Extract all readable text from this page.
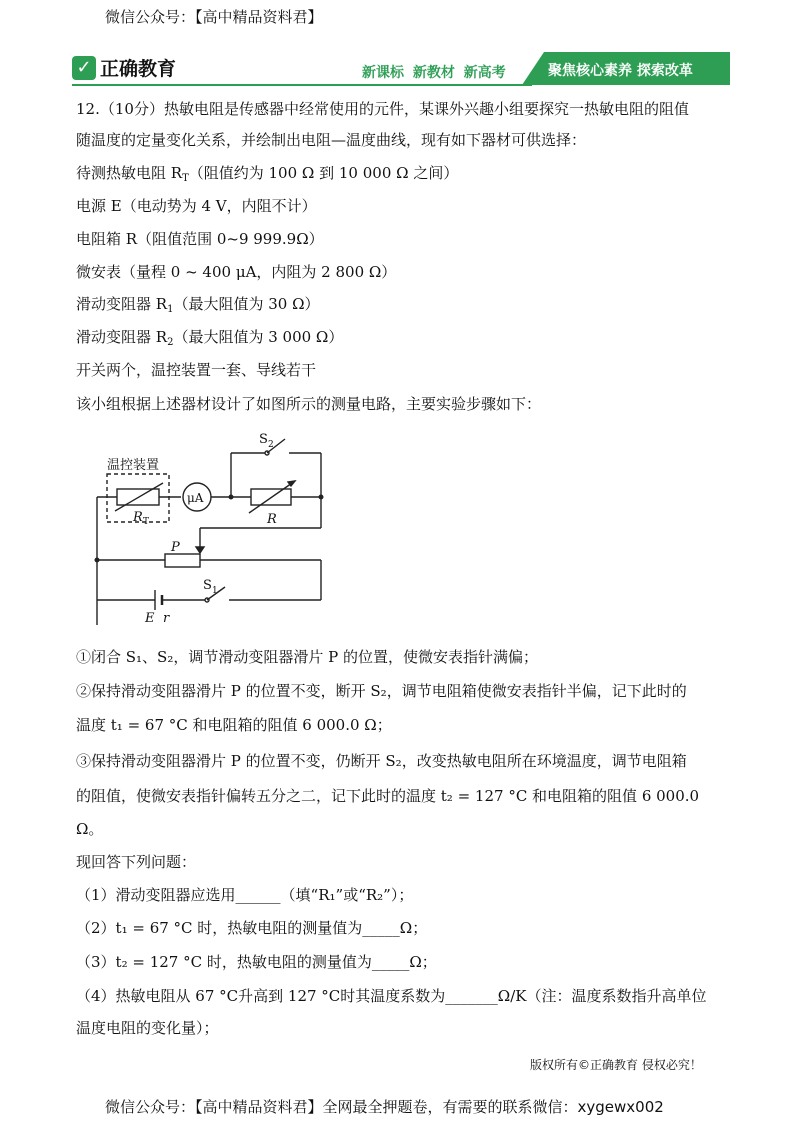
微信公众号：【高中精品资料君】
✓ 正确教育	新课标 新教材 新高考	聚焦核心素养 探索改革
12.（10分）热敏电阻是传感器中经常使用的元件，某课外兴趣小组要探究一热敏电阻的阻值
随温度的定量变化关系，并绘制出电阻—温度曲线，现有如下器材可供选择：
待测热敏电阻 $R_T$（阻值约为 100 Ω 到 10 000 Ω 之间）
电源 E（电动势为 4 V，内阻不计）
电阻箱 R（阻值范围 0~9 999.9Ω）
微安表（量程 0 ~ 400 μA，内阻为 2 800 Ω）
滑动变阻器 $R_1$（最大阻值为 30 Ω）
滑动变阻器 $R_2$（最大阻值为 3 000 Ω）
开关两个，温控装置一套、导线若干
该小组根据上述器材设计了如图所示的测量电路，主要实验步骤如下：
温控装置
R T
μA
R
S 2
P
S 1
E r
①闭合 S₁、S₂，调节滑动变阻器滑片 P 的位置，使微安表指针满偏；
②保持滑动变阻器滑片 P 的位置不变，断开 S₂，调节电阻箱使微安表指针半偏，记下此时的
温度 t₁ = 67 °C 和电阻箱的阻值 6 000.0 Ω；
③保持滑动变阻器滑片 P 的位置不变，仍断开 S₂，改变热敏电阻所在环境温度，调节电阻箱
的阻值，使微安表指针偏转五分之二，记下此时的温度 t₂ = 127 °C 和电阻箱的阻值 6 000.0
Ω。
现回答下列问题：
（1）滑动变阻器应选用______（填“R₁”或“R₂”）；
（2）t₁ = 67 °C 时，热敏电阻的测量值为_____Ω；
（3）t₂ = 127 °C 时，热敏电阻的测量值为_____Ω；
（4）热敏电阻从 67 °C升高到 127 °C时其温度系数为_______Ω/K（注：温度系数指升高单位
温度电阻的变化量）；
版权所有©正确教育 侵权必究！
微信公众号：【高中精品资料君】全网最全押题卷，有需要的联系微信：xygewx002
